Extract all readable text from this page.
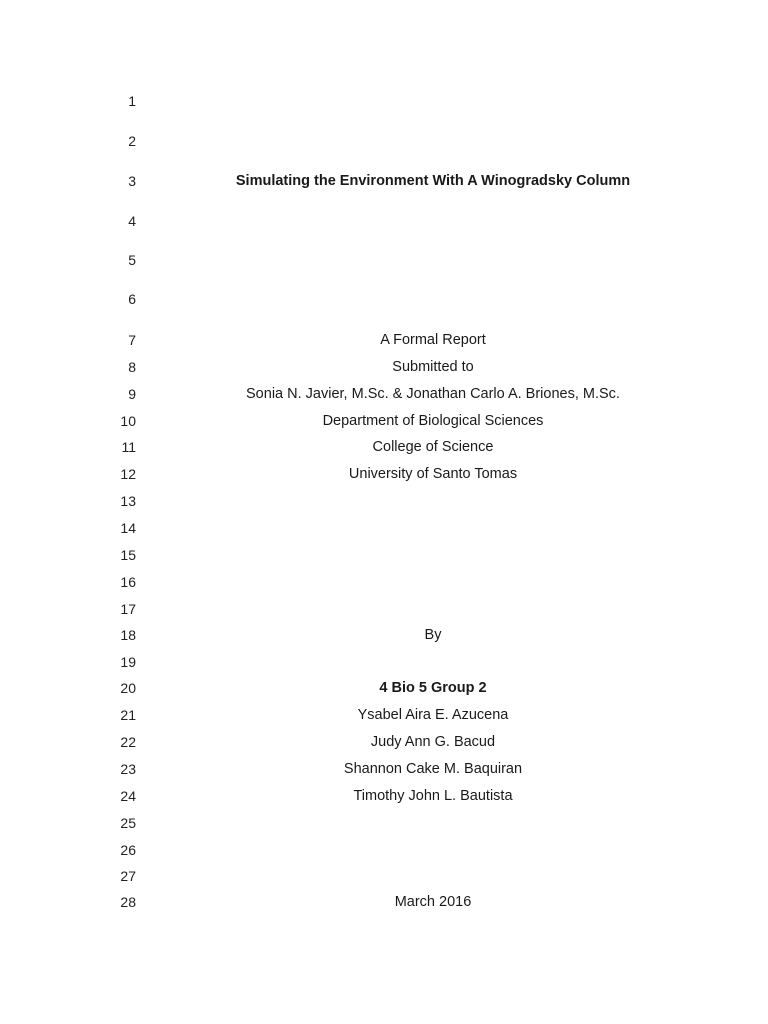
1
2
3
4
5
6
7
8
9
10
11
12
13
14
15
16
17
18
19
20
21
22
23
24
25
26
27
28
Simulating the Environment With A Winogradsky Column
A Formal Report
Submitted to
Sonia N. Javier, M.Sc. & Jonathan Carlo A. Briones, M.Sc.
Department of Biological Sciences
College of Science
University of Santo Tomas
By
4 Bio 5 Group 2
Ysabel Aira E. Azucena
Judy Ann G. Bacud
Shannon Cake M. Baquiran
Timothy John L. Bautista
March 2016
